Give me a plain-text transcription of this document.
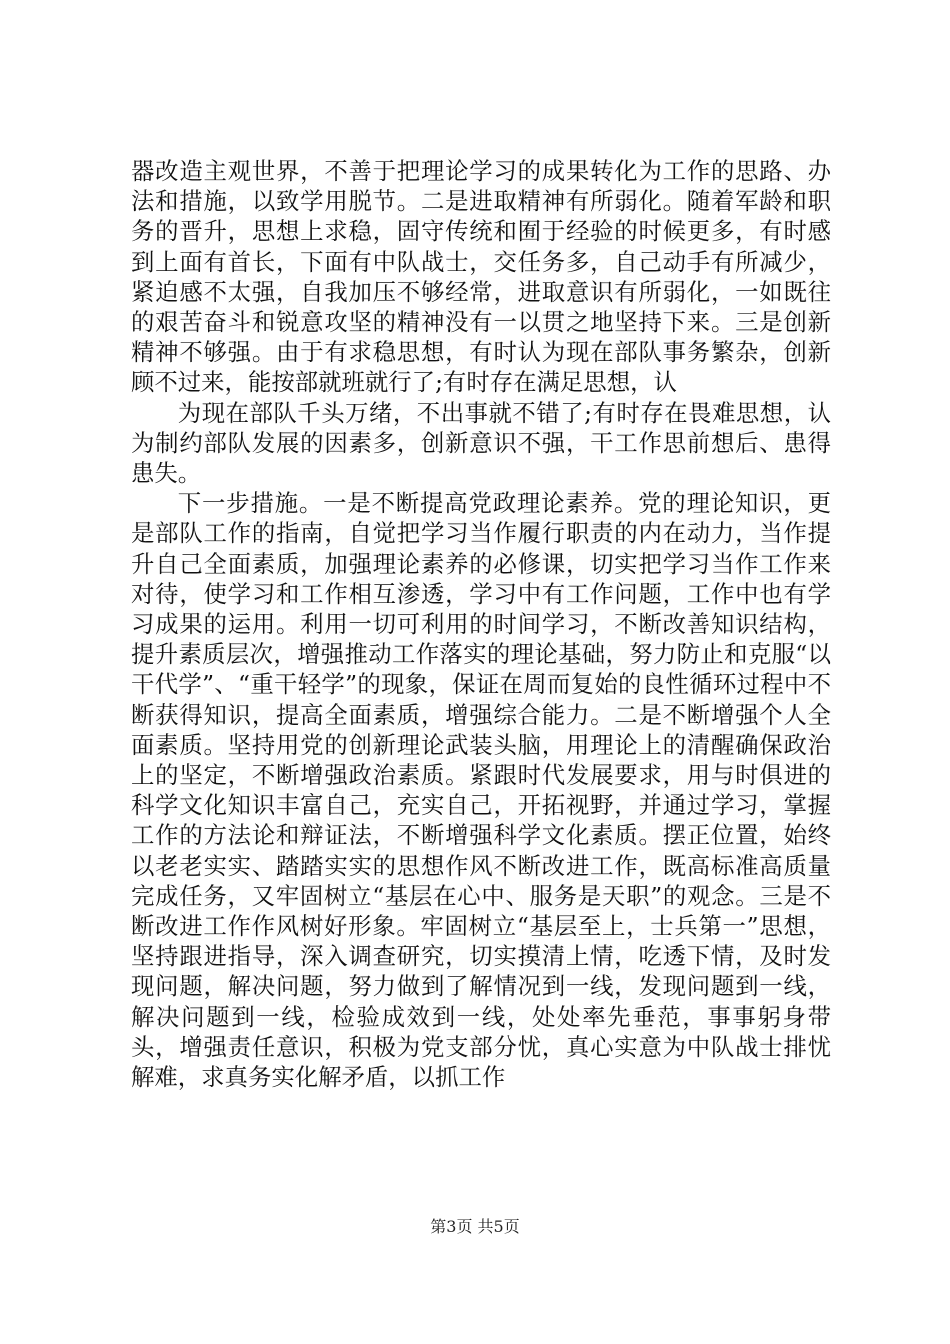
器改造主观世界，不善于把理论学习的成果转化为工作的思路、办法和措施，以致学用脱节。二是进取精神有所弱化。随着军龄和职务的晋升，思想上求稳，固守传统和囿于经验的时候更多，有时感到上面有首长，下面有中队战士，交任务多，自己动手有所减少，紧迫感不太强，自我加压不够经常，进取意识有所弱化，一如既往的艰苦奋斗和锐意攻坚的精神没有一以贯之地坚持下来。三是创新精神不够强。由于有求稳思想，有时认为现在部队事务繁杂，创新顾不过来，能按部就班就行了;有时存在满足思想，认

为现在部队千头万绪，不出事就不错了;有时存在畏难思想，认为制约部队发展的因素多，创新意识不强，干工作思前想后、患得患失。

下一步措施。一是不断提高党政理论素养。党的理论知识，更是部队工作的指南，自觉把学习当作履行职责的内在动力，当作提升自己全面素质，加强理论素养的必修课，切实把学习当作工作来对待，使学习和工作相互渗透，学习中有工作问题，工作中也有学习成果的运用。利用一切可利用的时间学习，不断改善知识结构，提升素质层次，增强推动工作落实的理论基础，努力防止和克服“以干代学”、“重干轻学”的现象，保证在周而复始的良性循环过程中不断获得知识，提高全面素质，增强综合能力。二是不断增强个人全面素质。坚持用党的创新理论武装头脑，用理论上的清醒确保政治上的坚定，不断增强政治素质。紧跟时代发展要求，用与时俱进的科学文化知识丰富自己，充实自己，开拓视野，并通过学习，掌握工作的方法论和辩证法，不断增强科学文化素质。摆正位置，始终以老老实实、踏踏实实的思想作风不断改进工作，既高标准高质量完成任务，又牢固树立“基层在心中、服务是天职”的观念。三是不断改进工作作风树好形象。牢固树立“基层至上，士兵第一”思想，坚持跟进指导，深入调查研究，切实摸清上情，吃透下情，及时发现问题，解决问题，努力做到了解情况到一线，发现问题到一线，解决问题到一线，检验成效到一线，处处率先垂范，事事躬身带头，增强责任意识，积极为党支部分忧，真心实意为中队战士排忧解难，求真务实化解矛盾，以抓工作

第3页 共5页
